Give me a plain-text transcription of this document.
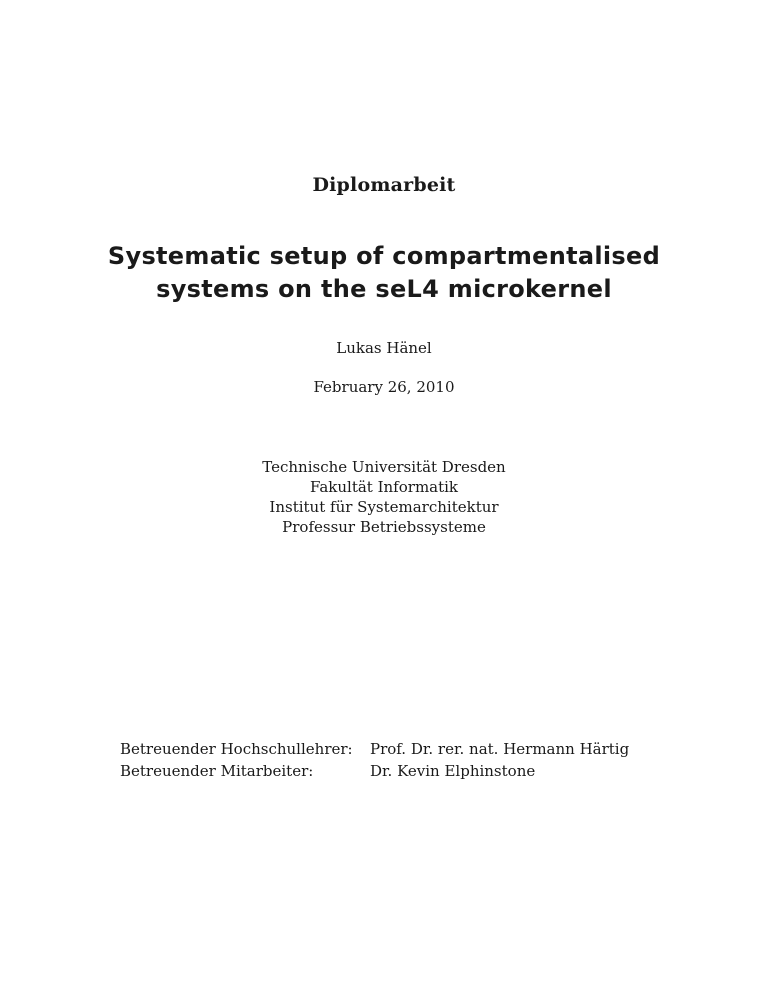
Diplomarbeit
Systematic setup of compartmentalised
systems on the seL4 microkernel
Lukas Hänel
February 26, 2010
Technische Universität Dresden
Fakultät Informatik
Institut für Systemarchitektur
Professur Betriebssysteme
Betreuender Hochschullehrer:	Prof. Dr. rer. nat. Hermann Härtig
Betreuender Mitarbeiter:	Dr. Kevin Elphinstone
